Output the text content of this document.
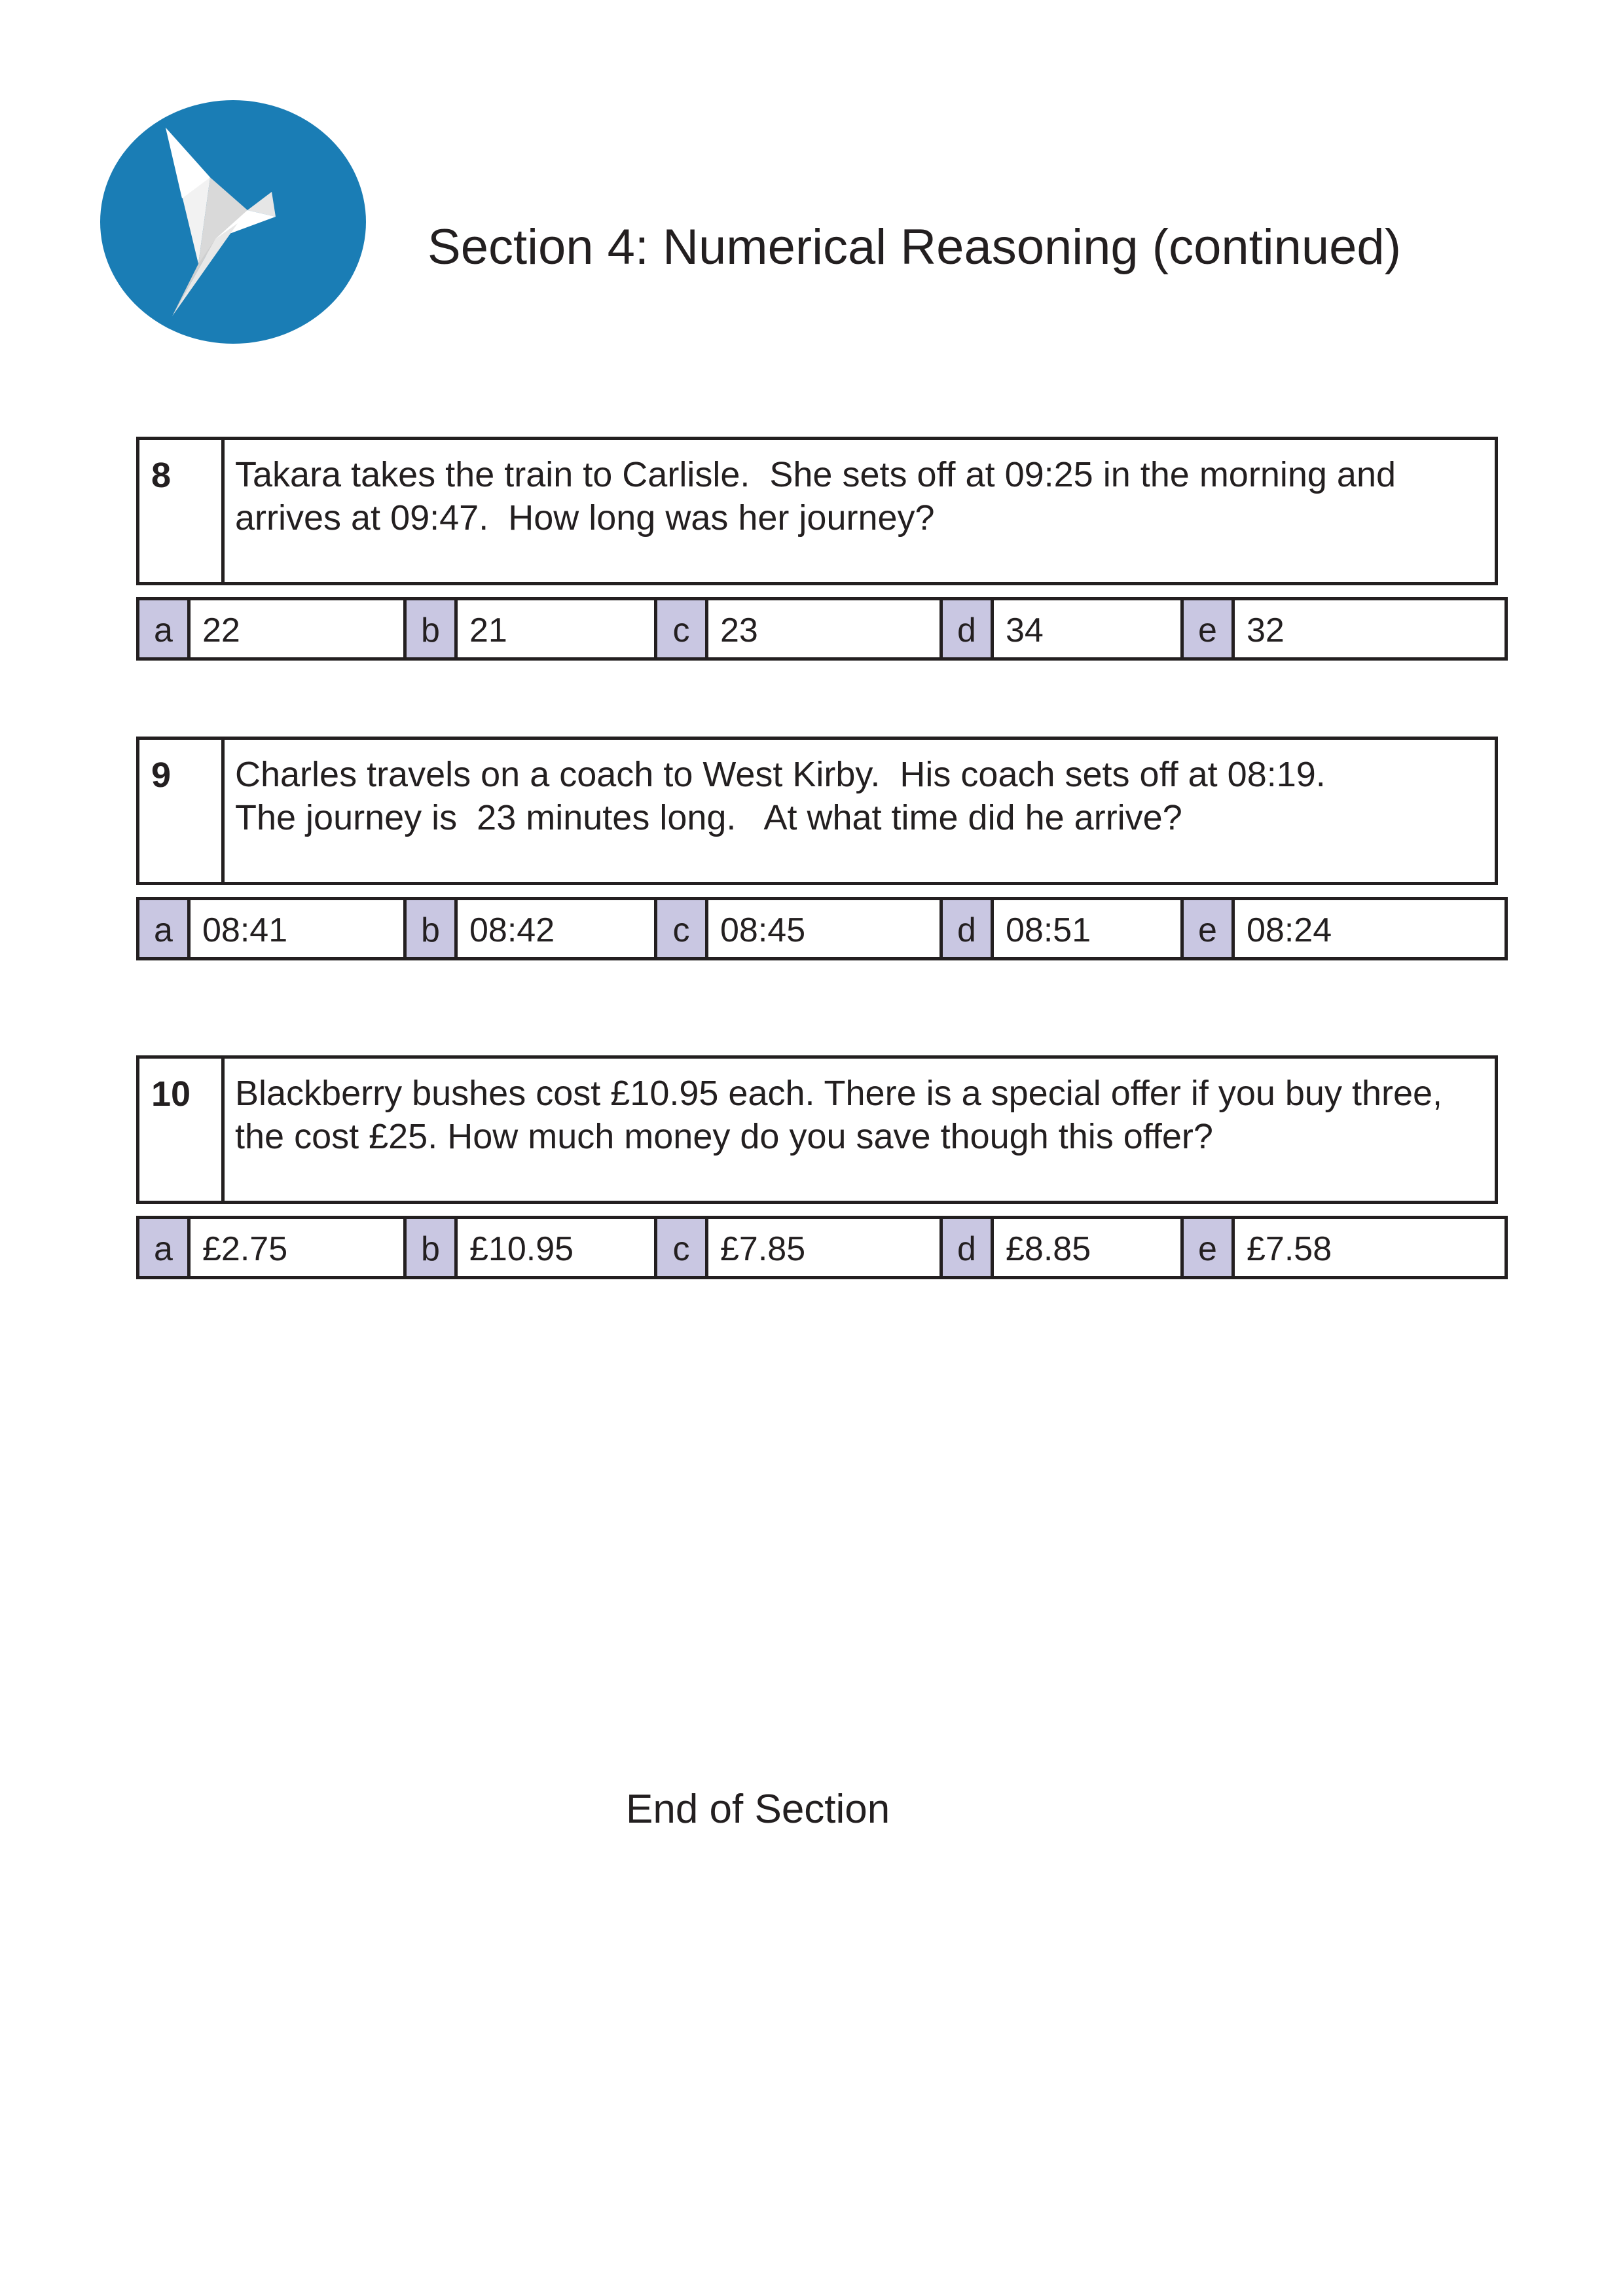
Section 4: Numerical Reasoning (continued)
8	Takara takes the train to Carlisle.  She sets off at 09:25 in the morning and
arrives at 09:47.  How long was her journey?
a 22	b 21	c 23	d 34	e 32
9	Charles travels on a coach to West Kirby.  His coach sets off at 08:19.
The journey is  23 minutes long.   At what time did he arrive?
a 08:41	b 08:42	c 08:45	d 08:51	e 08:24
10	Blackberry bushes cost £10.95 each. There is a special offer if you buy three,
the cost £25. How much money do you save though this offer?
a £2.75	b £10.95	c £7.85	d £8.85	e £7.58
End of Section
